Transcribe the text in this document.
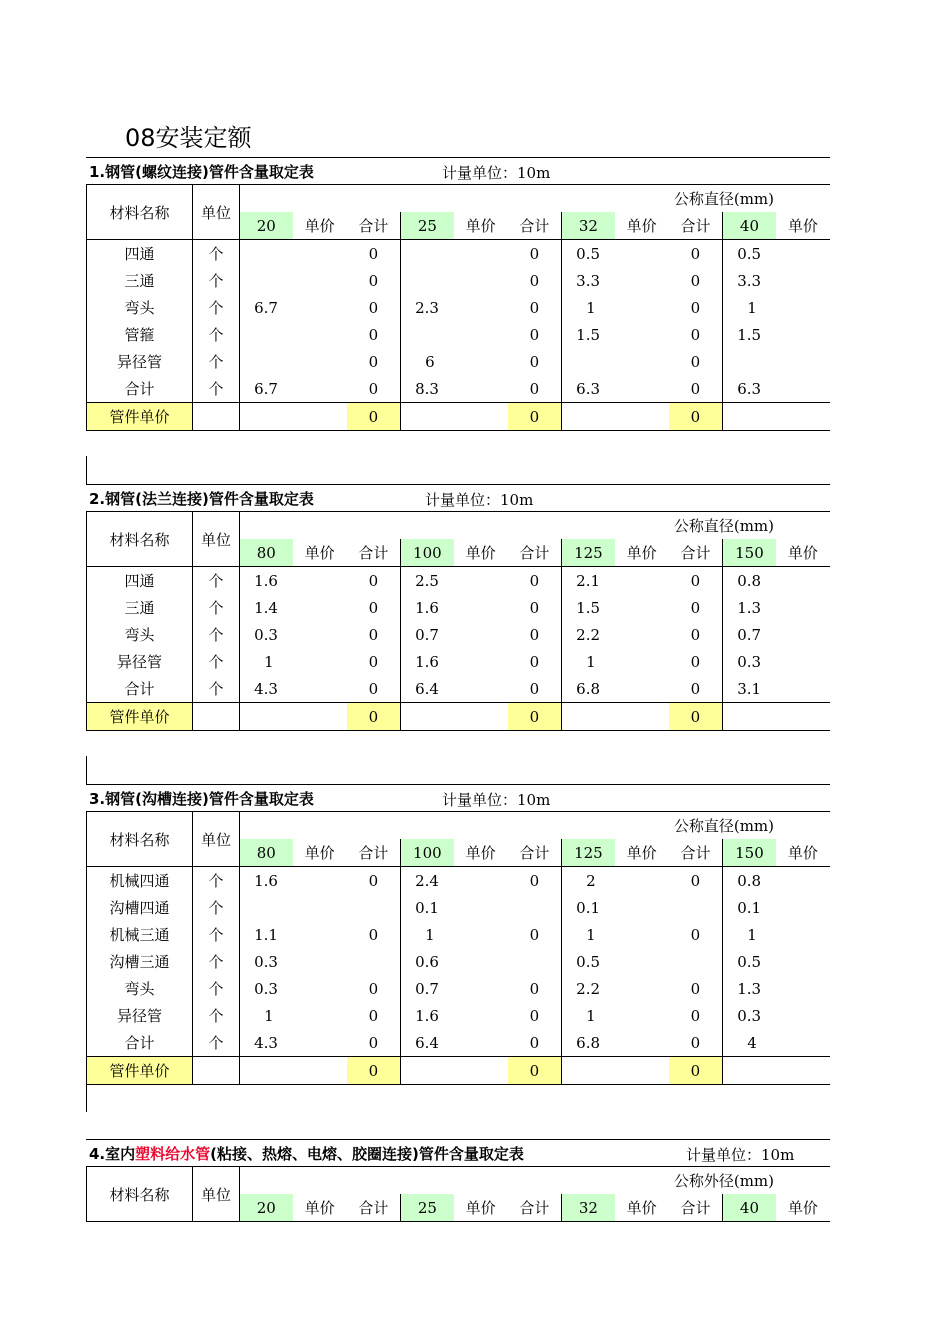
08安装定额
1.钢管(螺纹连接)管件含量取定表	计量单位：10m
材料名称	单位	公称直径(mm)										
		20	单价	合计	25	单价	合计	32	单价	合计	40	单价
四通	个			0			0	0.5		0	0.5	
三通	个			0			0	3.3		0	3.3	
弯头	个	6.7		0	2.3		0	1		0	1	
管箍	个			0			0	1.5		0	1.5	
异径管	个			0	6		0			0		
合计	个	6.7		0	8.3		0	6.3		0	6.3	
管件单价				0			0			0		
2.钢管(法兰连接)管件含量取定表	计量单位：10m
材料名称	单位	公称直径(mm)										
		80	单价	合计	100	单价	合计	125	单价	合计	150	单价
四通	个	1.6		0	2.5		0	2.1		0	0.8	
三通	个	1.4		0	1.6		0	1.5		0	1.3	
弯头	个	0.3		0	0.7		0	2.2		0	0.7	
异径管	个	1		0	1.6		0	1		0	0.3	
合计	个	4.3		0	6.4		0	6.8		0	3.1	
管件单价				0			0			0		
3.钢管(沟槽连接)管件含量取定表	计量单位：10m
材料名称	单位	公称直径(mm)										
		80	单价	合计	100	单价	合计	125	单价	合计	150	单价
机械四通	个	1.6		0	2.4		0	2		0	0.8	
沟槽四通	个				0.1			0.1			0.1	
机械三通	个	1.1		0	1		0	1		0	1	
沟槽三通	个	0.3			0.6			0.5			0.5	
弯头	个	0.3		0	0.7		0	2.2		0	1.3	
异径管	个	1		0	1.6		0	1		0	0.3	
合计	个	4.3		0	6.4		0	6.8		0	4	
管件单价				0			0			0		
4.室内塑料给水管(粘接、热熔、电熔、胶圈连接)管件含量取定表	计量单位：10m
材料名称	单位	公称外径(mm)										
		20	单价	合计	25	单价	合计	32	单价	合计	40	单价
